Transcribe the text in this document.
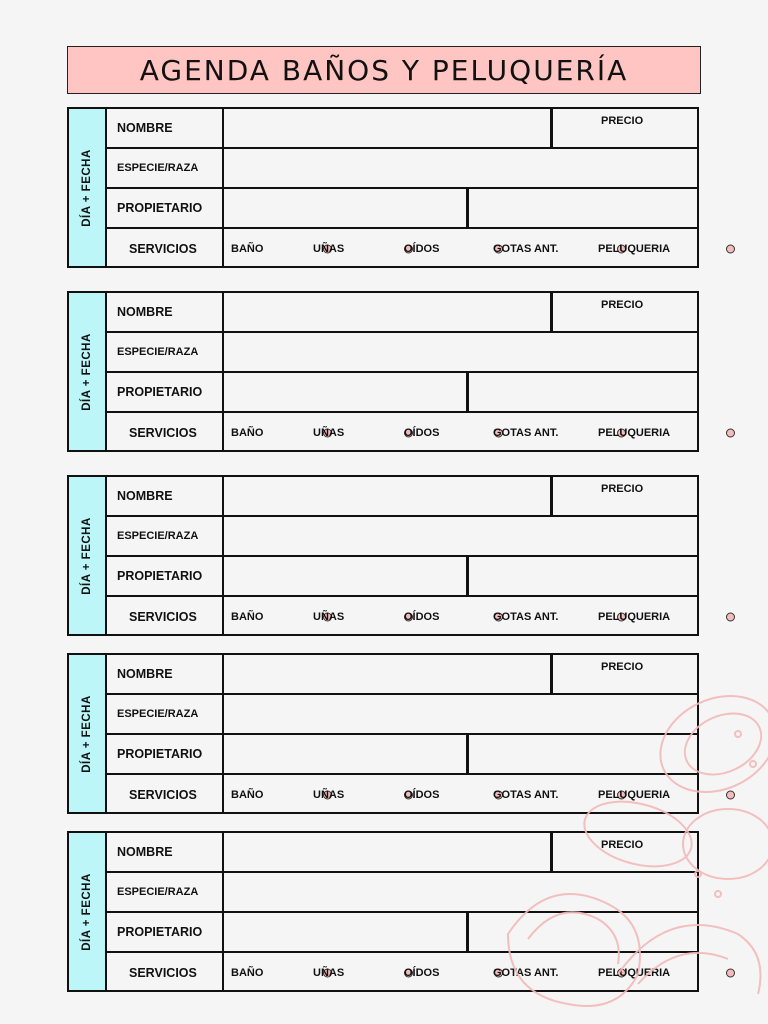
AGENDA BAÑOS Y PELUQUERÍA
DÍA + FECHA
NOMBRE	PRECIO
ESPECIE/RAZA
PROPIETARIO
SERVICIOS	BAÑO	UÑAS	OÍDOS	GOTAS ANT.	PELUQUERIA
DÍA + FECHA
NOMBRE	PRECIO
ESPECIE/RAZA
PROPIETARIO
SERVICIOS	BAÑO	UÑAS	OÍDOS	GOTAS ANT.	PELUQUERIA
DÍA + FECHA
NOMBRE	PRECIO
ESPECIE/RAZA
PROPIETARIO
SERVICIOS	BAÑO	UÑAS	OÍDOS	GOTAS ANT.	PELUQUERIA
DÍA + FECHA
NOMBRE	PRECIO
ESPECIE/RAZA
PROPIETARIO
SERVICIOS	BAÑO	UÑAS	OÍDOS	GOTAS ANT.	PELUQUERIA
DÍA + FECHA
NOMBRE	PRECIO
ESPECIE/RAZA
PROPIETARIO
SERVICIOS	BAÑO	UÑAS	OÍDOS	GOTAS ANT.	PELUQUERIA
